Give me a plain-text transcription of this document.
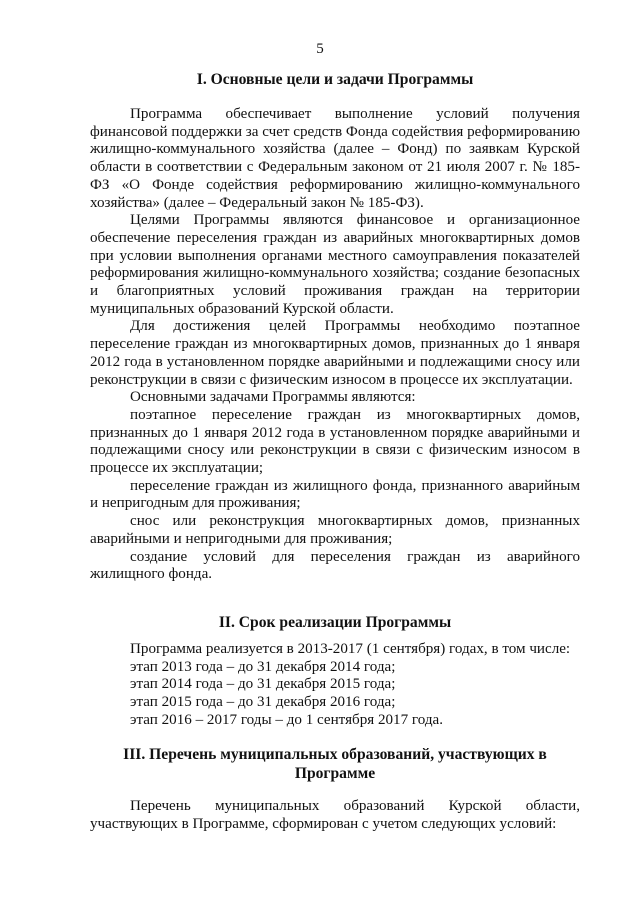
5
I. Основные цели и задачи Программы

Программа обеспечивает выполнение условий получения финансовой поддержки за счет средств Фонда содействия реформированию жилищно-коммунального хозяйства (далее – Фонд) по заявкам Курской области в соответствии с Федеральным законом от 21 июля 2007 г. № 185-ФЗ «О Фонде содействия реформированию жилищно-коммунального хозяйства» (далее – Федеральный закон № 185-ФЗ).

Целями Программы являются финансовое и организационное обеспечение переселения граждан из аварийных многоквартирных домов при условии выполнения органами местного самоуправления показателей реформирования жилищно-коммунального хозяйства; создание безопасных и благоприятных условий проживания граждан на территории муниципальных образований Курской области.

Для достижения целей Программы необходимо поэтапное переселение граждан из многоквартирных домов, признанных до 1 января 2012 года в установленном порядке аварийными и подлежащими сносу или реконструкции в связи с физическим износом в процессе их эксплуатации.

Основными задачами Программы являются:

поэтапное переселение граждан из многоквартирных домов, признанных до 1 января 2012 года в установленном порядке аварийными и подлежащими сносу или реконструкции в связи с физическим износом в процессе их эксплуатации;

переселение граждан из жилищного фонда, признанного аварийным и непригодным для проживания;

снос или реконструкция многоквартирных домов, признанных аварийными и непригодными для проживания;

создание условий для переселения граждан из аварийного жилищного фонда.

II. Срок реализации Программы
Программа реализуется в 2013-2017 (1 сентября) годах, в том числе:
этап 2013 года – до 31 декабря 2014 года;
этап 2014 года – до 31 декабря 2015 года;
этап 2015 года – до 31 декабря 2016 года;
этап 2016 – 2017 годы – до 1 сентября 2017 года.
III. Перечень муниципальных образований, участвующих в
Программе

Перечень муниципальных образований Курской области, участвующих в Программе, сформирован с учетом следующих условий:
